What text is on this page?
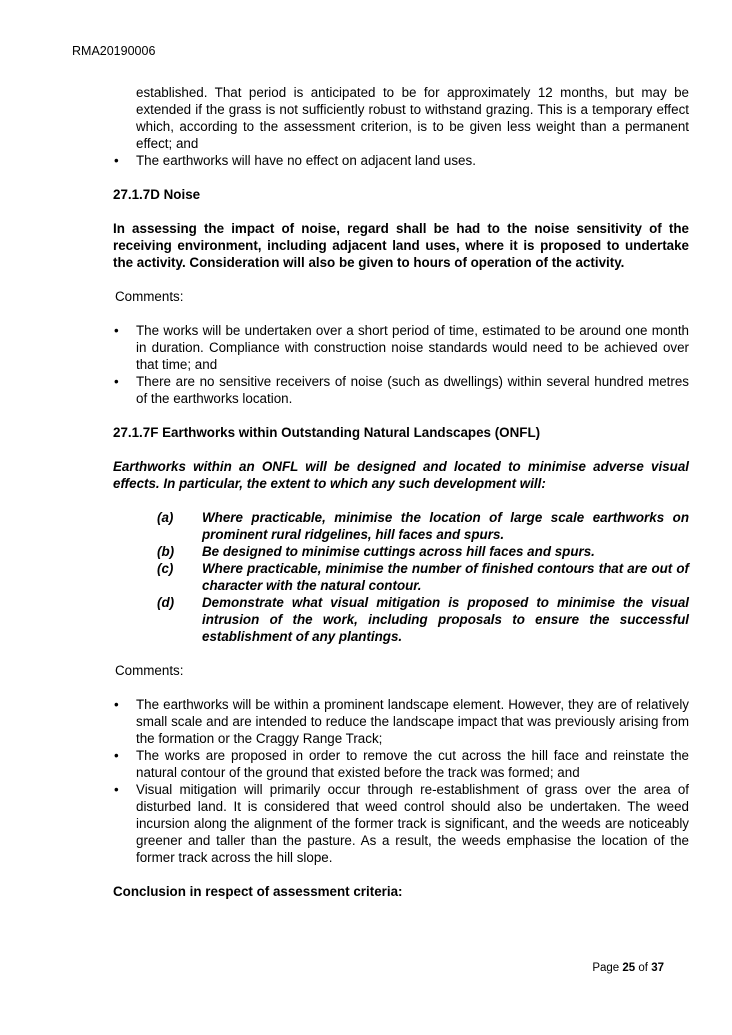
RMA20190006

established. That period is anticipated to be for approximately 12 months, but may be extended if the grass is not sufficiently robust to withstand grazing. This is a temporary effect which, according to the assessment criterion, is to be given less weight than a permanent effect; and

• The earthworks will have no effect on adjacent land uses.

27.1.7D Noise

In assessing the impact of noise, regard shall be had to the noise sensitivity of the receiving environment, including adjacent land uses, where it is proposed to undertake the activity. Consideration will also be given to hours of operation of the activity.

Comments:

• The works will be undertaken over a short period of time, estimated to be around one month in duration. Compliance with construction noise standards would need to be achieved over that time; and
• There are no sensitive receivers of noise (such as dwellings) within several hundred metres of the earthworks location.

27.1.7F Earthworks within Outstanding Natural Landscapes (ONFL)

Earthworks within an ONFL will be designed and located to minimise adverse visual effects. In particular, the extent to which any such development will:

(a) Where practicable, minimise the location of large scale earthworks on prominent rural ridgelines, hill faces and spurs.
(b) Be designed to minimise cuttings across hill faces and spurs.
(c) Where practicable, minimise the number of finished contours that are out of character with the natural contour.
(d) Demonstrate what visual mitigation is proposed to minimise the visual intrusion of the work, including proposals to ensure the successful establishment of any plantings.

Comments:

• The earthworks will be within a prominent landscape element. However, they are of relatively small scale and are intended to reduce the landscape impact that was previously arising from the formation or the Craggy Range Track;
• The works are proposed in order to remove the cut across the hill face and reinstate the natural contour of the ground that existed before the track was formed; and
• Visual mitigation will primarily occur through re-establishment of grass over the area of disturbed land. It is considered that weed control should also be undertaken. The weed incursion along the alignment of the former track is significant, and the weeds are noticeably greener and taller than the pasture. As a result, the weeds emphasise the location of the former track across the hill slope.

Conclusion in respect of assessment criteria:

Page 25 of 37
